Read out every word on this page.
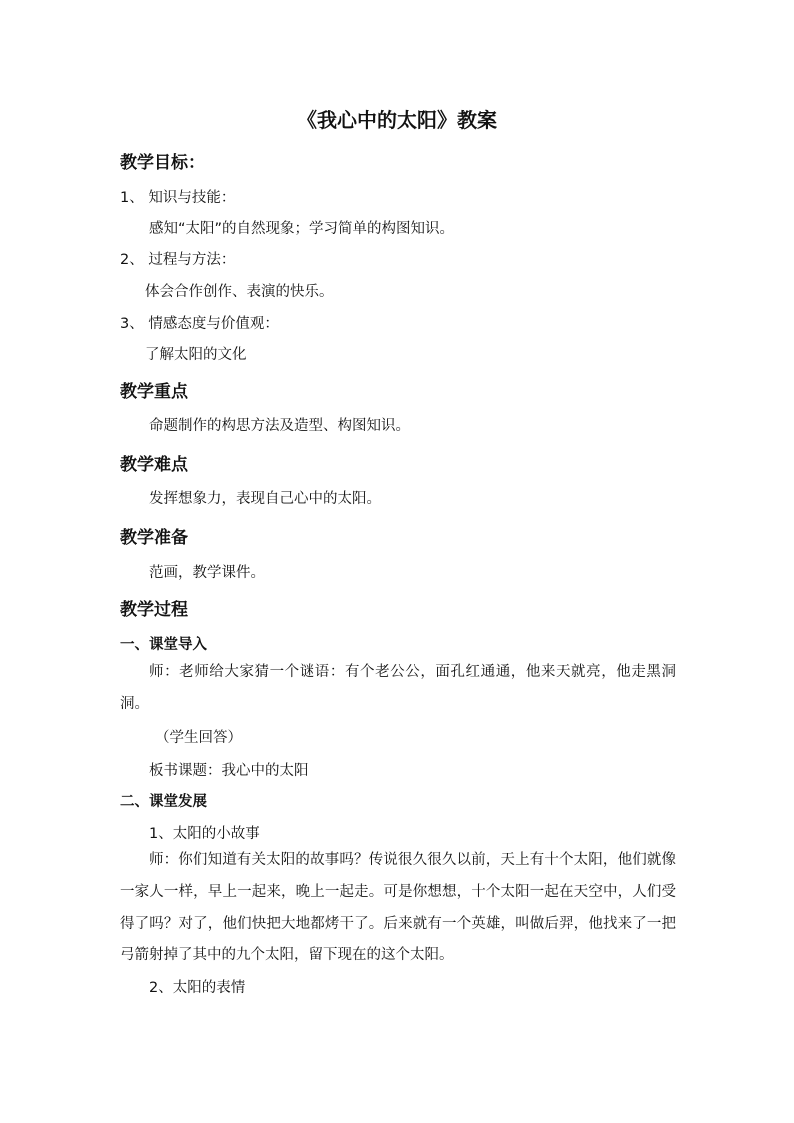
《我心中的太阳》教案
教学目标：
1、 知识与技能：
感知“太阳”的自然现象；学习简单的构图知识。
2、 过程与方法：
体会合作创作、表演的快乐。
3、 情感态度与价值观：
了解太阳的文化
教学重点
命题制作的构思方法及造型、构图知识。
教学难点
发挥想象力，表现自己心中的太阳。
教学准备
范画，教学课件。
教学过程
一、课堂导入

师：老师给大家猜一个谜语：有个老公公，面孔红通通，他来天就亮，他走黑洞洞。

（学生回答）
板书课题：我心中的太阳
二、课堂发展
1、太阳的小故事

师：你们知道有关太阳的故事吗？传说很久很久以前，天上有十个太阳，他们就像一家人一样，早上一起来，晚上一起走。可是你想想，十个太阳一起在天空中，人们受得了吗？对了，他们快把大地都烤干了。后来就有一个英雄，叫做后羿，他找来了一把弓箭射掉了其中的九个太阳，留下现在的这个太阳。

2、太阳的表情
